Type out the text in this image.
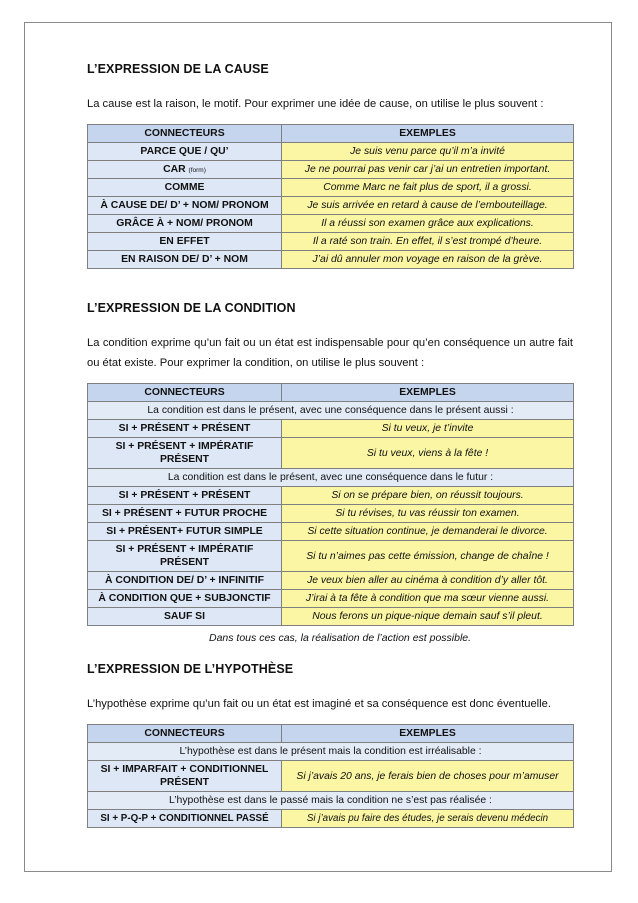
L’EXPRESSION DE LA CAUSE

La cause est la raison, le motif. Pour exprimer une idée de cause, on utilise le plus souvent :

CONNECTEURS	EXEMPLES
PARCE QUE / QU’	Je suis venu parce qu’il m’a invité
CAR (form)	Je ne pourrai pas venir car j’ai un entretien important.
COMME	Comme Marc ne fait plus de sport, il a grossi.
À CAUSE DE/ D’ + NOM/ PRONOM	Je suis arrivée en retard à cause de l’embouteillage.
GRÂCE À + NOM/ PRONOM	Il a réussi son examen grâce aux explications.
EN EFFET	Il a raté son train. En effet, il s’est trompé d’heure.
EN RAISON DE/ D’ + NOM	J’ai dû annuler mon voyage en raison de la grève.
L’EXPRESSION DE LA CONDITION

La condition exprime qu’un fait ou un état est indispensable pour qu’en conséquence un autre fait ou état existe. Pour exprimer la condition, on utilise le plus souvent :

CONNECTEURS	EXEMPLES
La condition est dans le présent, avec une conséquence dans le présent aussi :	
SI + PRÉSENT + PRÉSENT	Si tu veux, je t’invite
SI + PRÉSENT + IMPÉRATIF PRÉSENT	Si tu veux, viens à la fête !
La condition est dans le présent, avec une conséquence dans le futur :	
SI + PRÉSENT + PRÉSENT	Si on se prépare bien, on réussit toujours.
SI + PRÉSENT + FUTUR PROCHE	Si tu révises, tu vas réussir ton examen.
SI + PRÉSENT+ FUTUR SIMPLE	Si cette situation continue, je demanderai le divorce.
SI + PRÉSENT + IMPÉRATIF PRÉSENT	Si tu n’aimes pas cette émission, change de chaîne !
À CONDITION DE/ D’ + INFINITIF	Je veux bien aller au cinéma à condition d’y aller tôt.
À CONDITION QUE + SUBJONCTIF	J’irai à ta fête à condition que ma sœur vienne aussi.
SAUF SI	Nous ferons un pique-nique demain sauf s’il pleut.
Dans tous ces cas, la réalisation de l’action est possible.
L’EXPRESSION DE L’HYPOTHÈSE

L’hypothèse exprime qu’un fait ou un état est imaginé et sa conséquence est donc éventuelle.

CONNECTEURS	EXEMPLES
L’hypothèse est dans le présent mais la condition est irréalisable :	
SI + IMPARFAIT + CONDITIONNEL PRÉSENT	Si j’avais 20 ans, je ferais bien de choses pour m’amuser
L’hypothèse est dans le passé mais la condition ne s’est pas réalisée :	
SI + P-Q-P + CONDITIONNEL PASSÉ	Si j’avais pu faire des études, je serais devenu médecin
